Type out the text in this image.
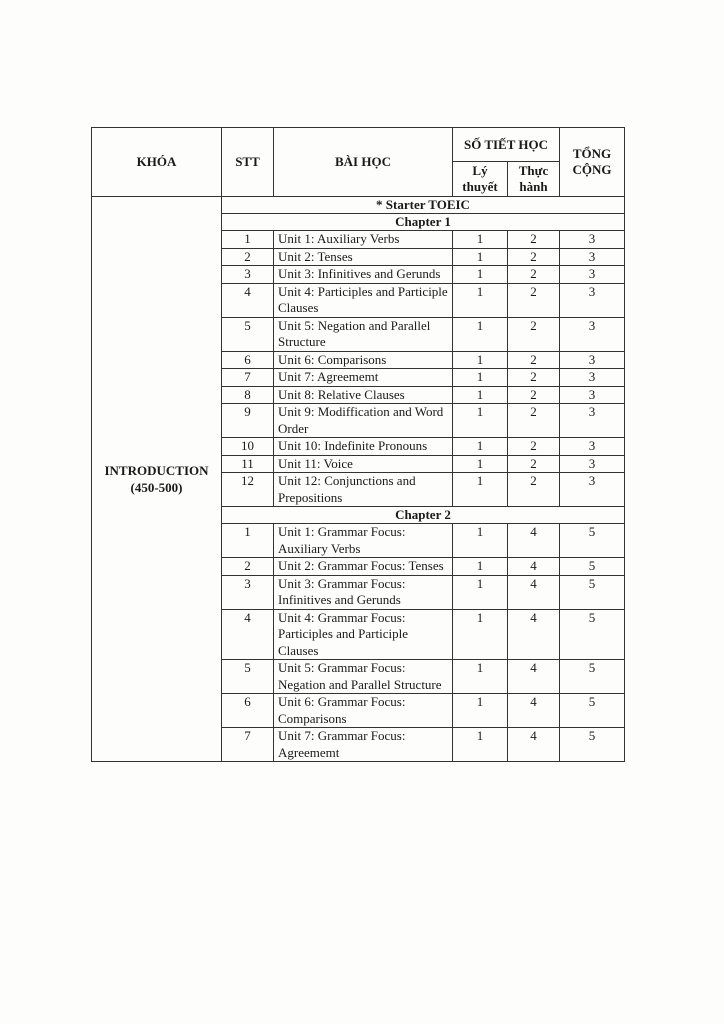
KHÓA	STT	BÀI HỌC	SỐ TIẾT HỌC		TỔNG CỘNG
			Lý thuyết	Thực hành	

INTRODUCTION
(450-500)	* Starter TOEIC				
	Chapter 1				
	1	Unit 1: Auxiliary Verbs	1	2	3
	2	Unit 2: Tenses	1	2	3
	3	Unit 3: Infinitives and Gerunds	1	2	3
	4	Unit 4: Participles and Participle Clauses	1	2	3
	5	Unit 5: Negation and Parallel Structure	1	2	3
	6	Unit 6: Comparisons	1	2	3
	7	Unit 7: Agreememt	1	2	3
	8	Unit 8: Relative Clauses	1	2	3
	9	Unit 9: Modiffication and Word Order	1	2	3
	10	Unit 10: Indefinite Pronouns	1	2	3
	11	Unit 11: Voice	1	2	3
	12	Unit 12: Conjunctions and Prepositions	1	2	3
	Chapter 2				
	1	Unit 1: Grammar Focus: Auxiliary Verbs	1	4	5
	2	Unit 2: Grammar Focus: Tenses	1	4	5
	3	Unit 3: Grammar Focus: Infinitives and Gerunds	1	4	5
	4	Unit 4: Grammar Focus: Participles and Participle Clauses	1	4	5
	5	Unit 5: Grammar Focus: Negation and Parallel Structure	1	4	5
	6	Unit 6: Grammar Focus: Comparisons	1	4	5
	7	Unit 7: Grammar Focus: Agreememt	1	4	5
